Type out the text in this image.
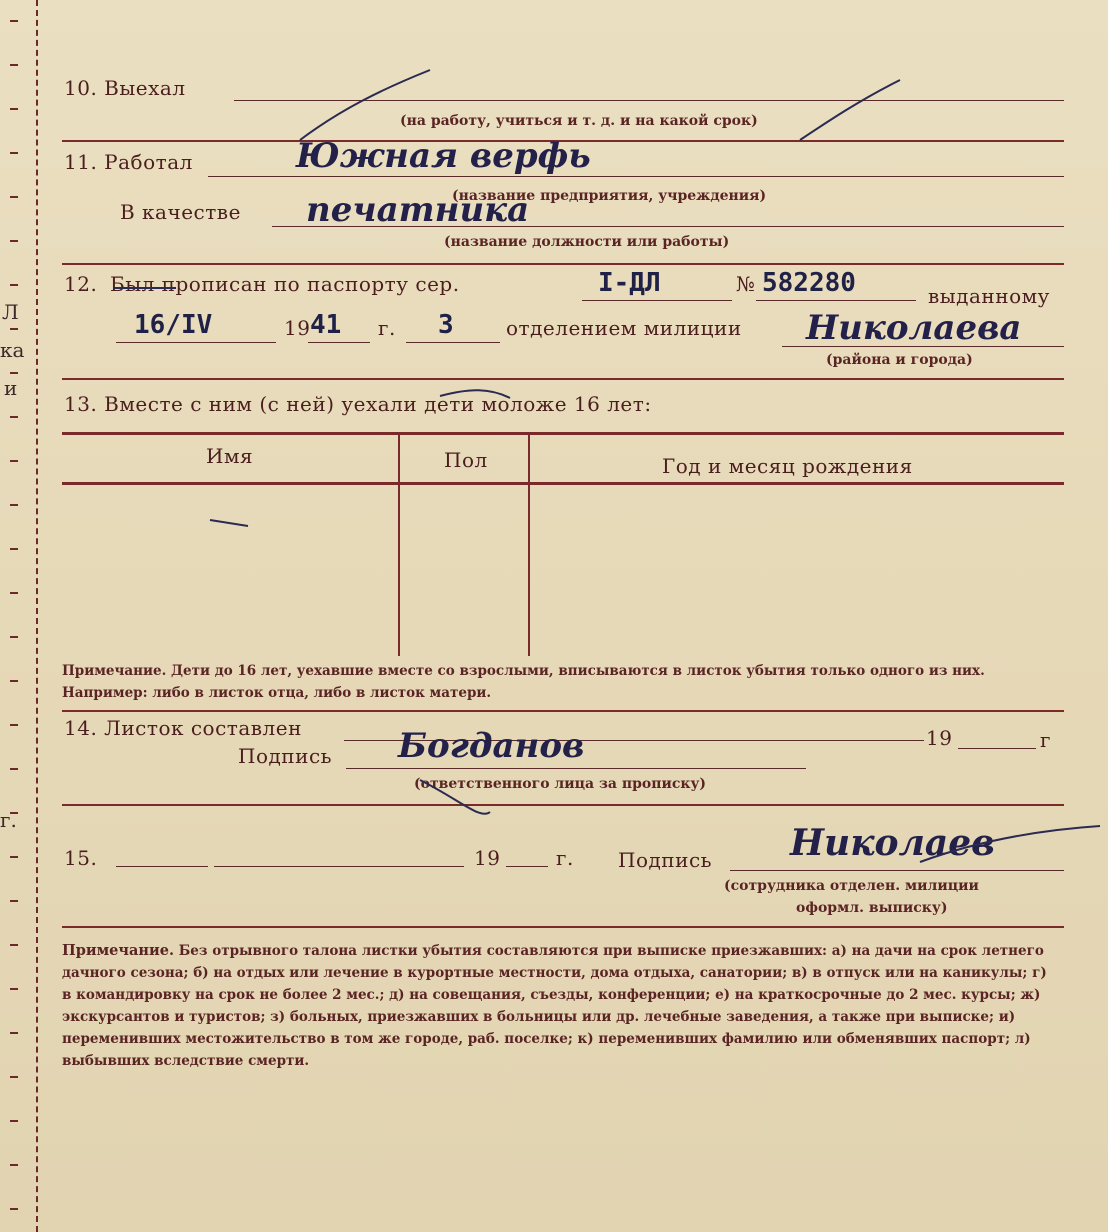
Л
ка
и
г.
10. Выехал
(на работу, учиться и т. д. и на какой срок)
11. Работал	Южная верфь
(название предприятия, учреждения)
В качестве печатника
(название должности или работы)
12. Был прописан по паспорту сер.	I-ДЛ	№ 582280	выданному
16/IV	19 41 г. 3	отделением милиции Николаева
(района и города)
13. Вместе с ним (с ней) уехали дети моложе 16 лет:
Имя	Пол	Год и месяц рождения
Примечание. Дети до 16 лет, уехавшие вместе со взрослыми, вписываются в листок убытия только одного из них. Например: либо в листок отца, либо в листок матери.
14. Листок составлен	19	г
Подпись Богданов
(ответственного лица за прописку)
15.	19	г. Подпись Николаев
(сотрудника отделен. милиции
оформл. выписку)
Примечание. Без отрывного талона листки убытия составляются при выписке приезжавших: а) на дачи на срок летнего дачного сезона; б) на отдых или лечение в курортные местности, дома отдыха, санатории; в) в отпуск или на каникулы; г) в командировку на срок не более 2 мес.; д) на совещания, съезды, конференции; е) на краткосрочные до 2 мес. курсы; ж) экскурсантов и туристов; з) больных, приезжавших в больницы или др. лечебные заведения, а также при выписке; и) переменивших местожительство в том же городе, раб. поселке; к) переменивших фамилию или обменявших паспорт; л) выбывших вследствие смерти.
